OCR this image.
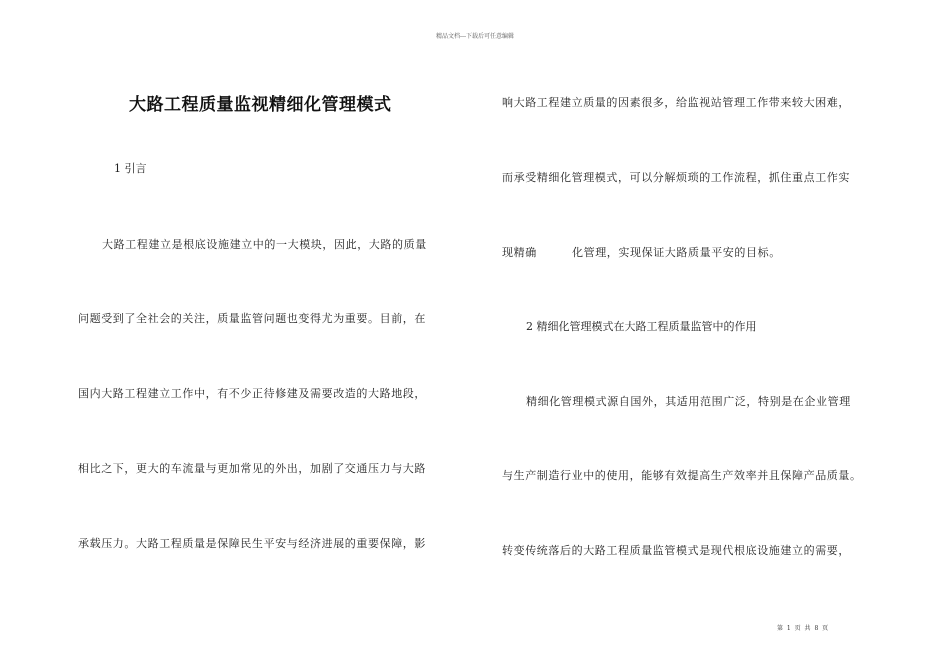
精品文档---下载后可任意编辑
大路工程质量监视精细化管理模式
1 引言
大路工程建立是根底设施建立中的一大模块，因此，大路的质量
问题受到了全社会的关注，质量监管问题也变得尤为重要。目前，在
国内大路工程建立工作中，有不少正待修建及需要改造的大路地段，
相比之下，更大的车流量与更加常见的外出，加剧了交通压力与大路
承载压力。大路工程质量是保障民生平安与经济进展的重要保障，影
响大路工程建立质量的因素很多，给监视站管理工作带来较大困难，
而承受精细化管理模式，可以分解烦琐的工作流程，抓住重点工作实
现精确	化管理，实现保证大路质量平安的目标。
2 精细化管理模式在大路工程质量监管中的作用
精细化管理模式源自国外，其适用范围广泛，特别是在企业管理
与生产制造行业中的使用，能够有效提高生产效率并且保障产品质量。
转变传统落后的大路工程质量监管模式是现代根底设施建立的需要，
第 1 页 共 8 页
